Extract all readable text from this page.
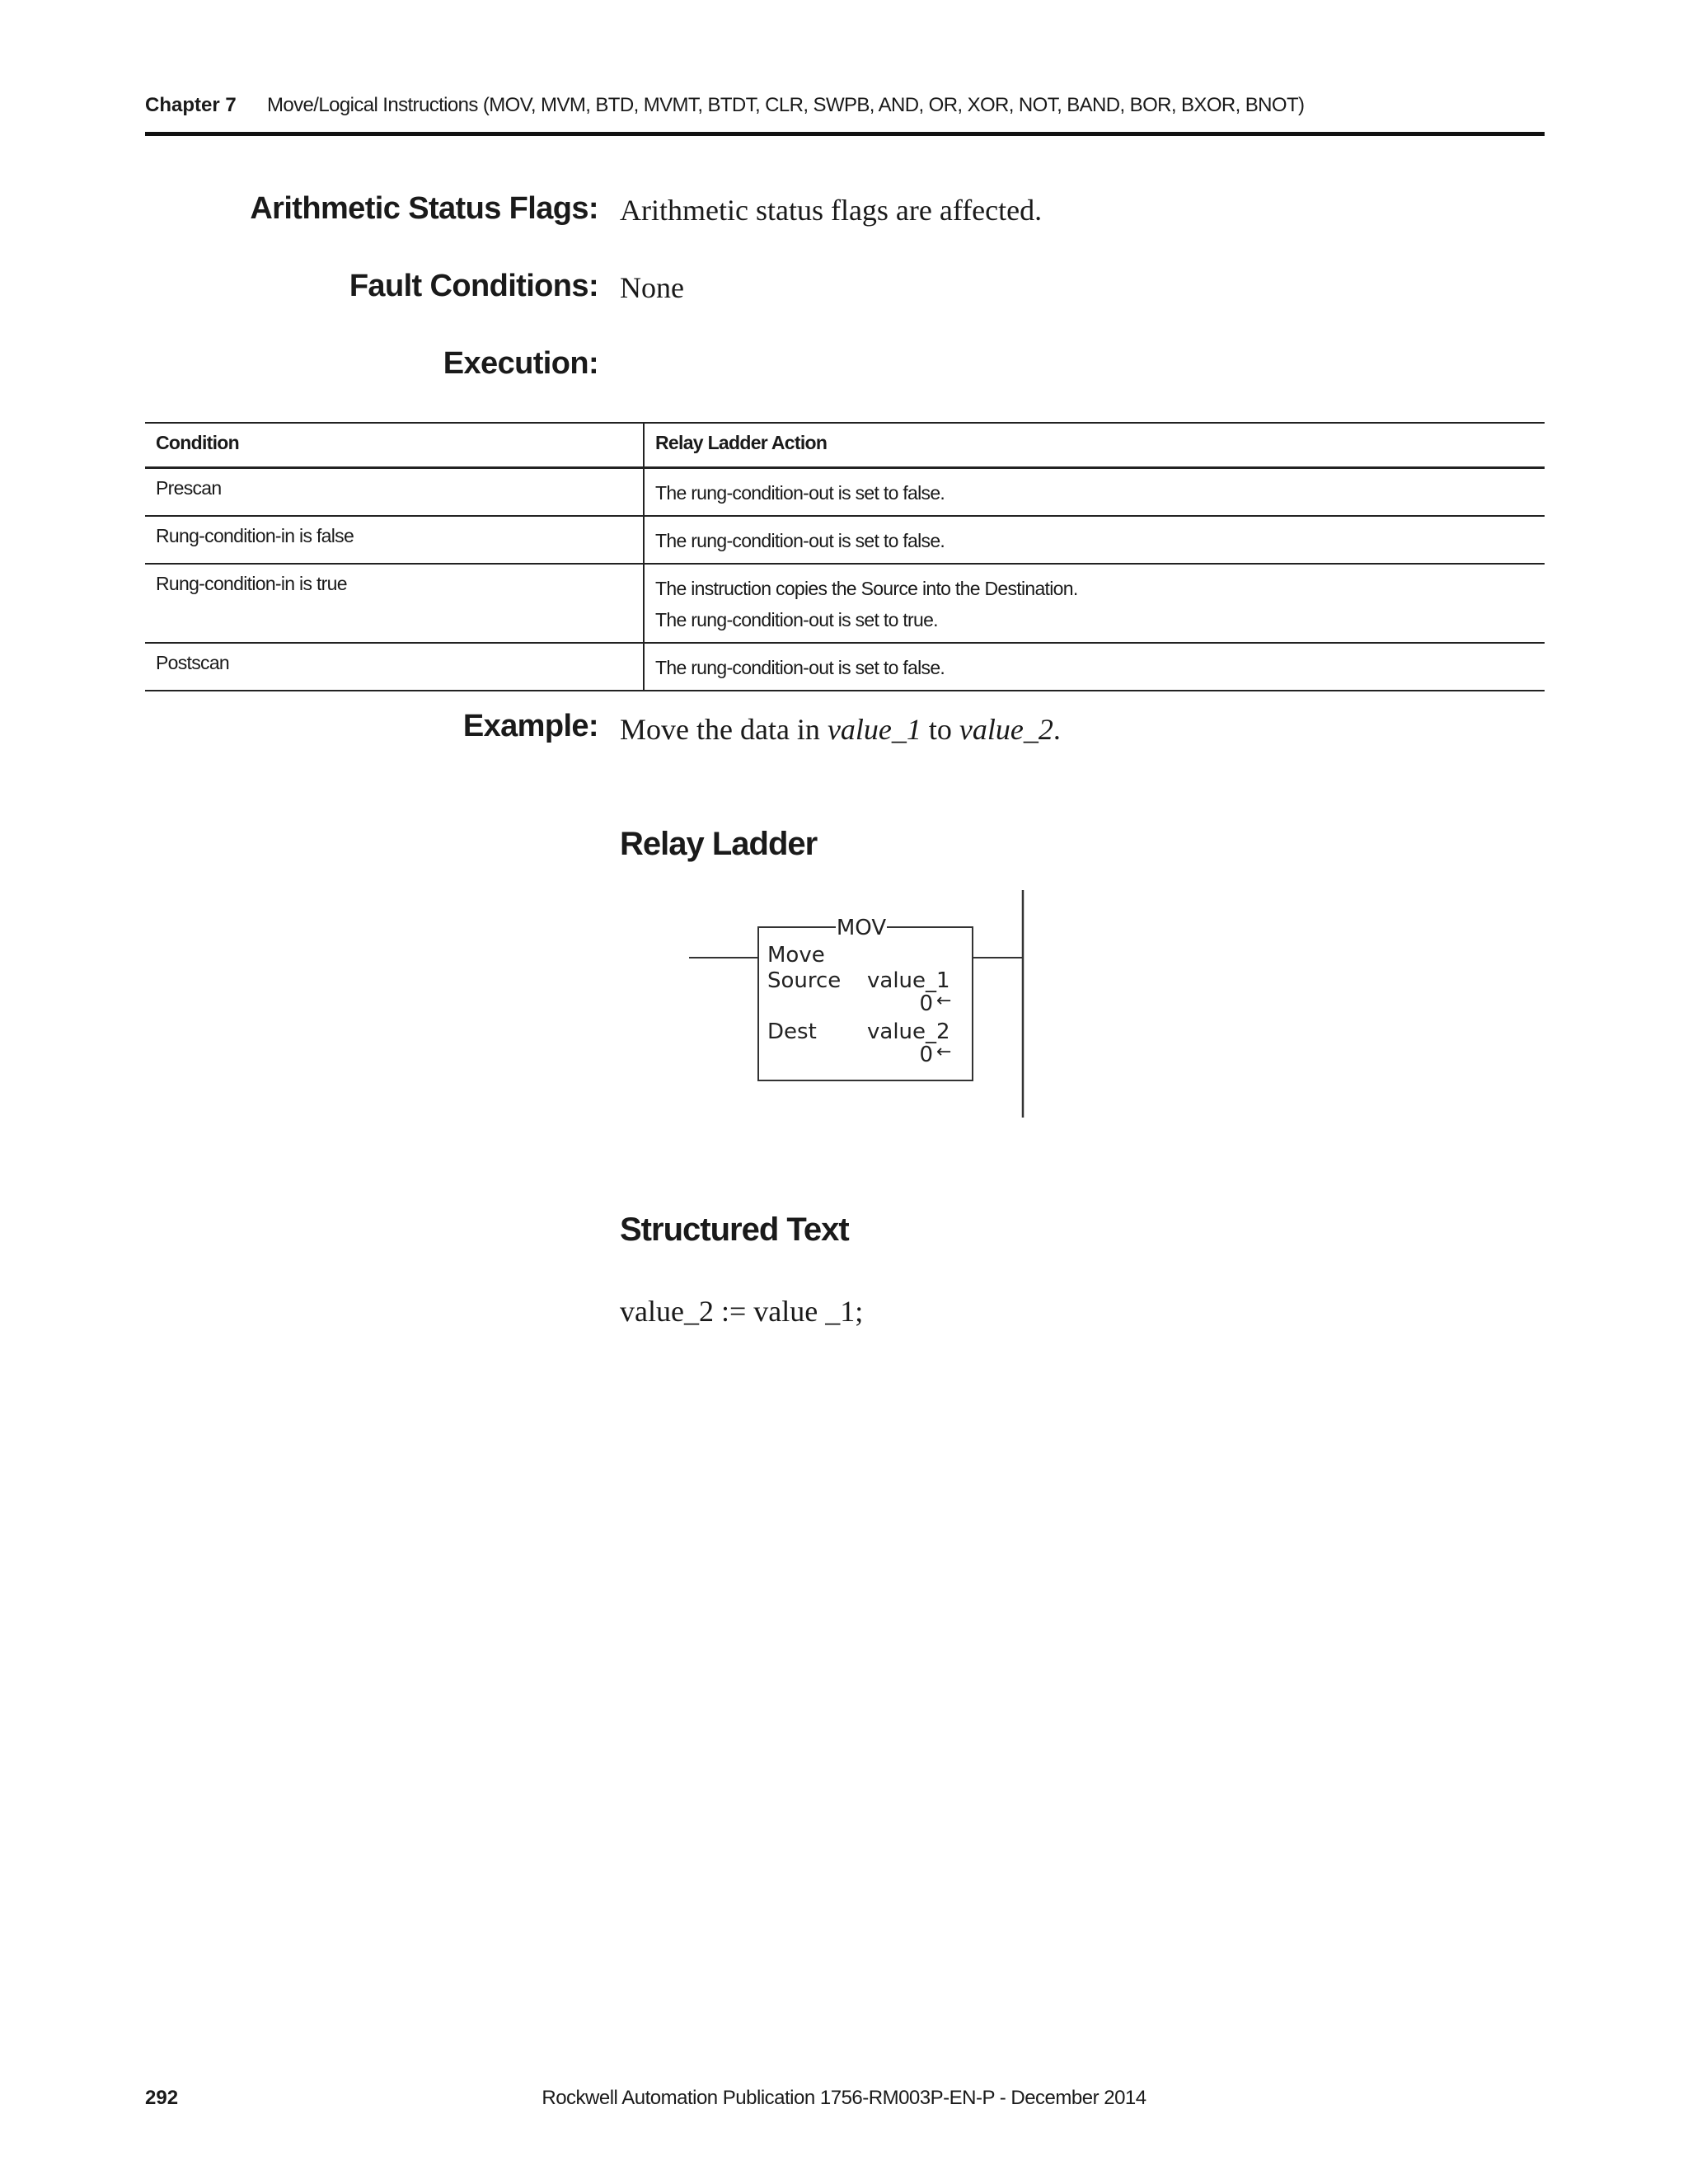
Chapter 7 Move/Logical Instructions (MOV, MVM, BTD, MVMT, BTDT, CLR, SWPB, AND, OR, XOR, NOT, BAND, BOR, BXOR, BNOT)
Arithmetic Status Flags: Arithmetic status flags are affected.
Fault Conditions: None
Execution:
Condition	Relay Ladder Action
Prescan	The rung-condition-out is set to false.

Rung-condition-in is false	The rung-condition-out is set to false.

Rung-condition-in is true	The instruction copies the Source into the Destination.
The rung-condition-out is set to true.

Postscan	The rung-condition-out is set to false.
Example: Move the data in value_1 to value_2.
Relay Ladder
MOV
Move
Source value_1
0 ←
Dest value_2
0 ←
Structured Text
value_2 := value _1;
292	Rockwell Automation Publication 1756-RM003P-EN-P - December 2014
